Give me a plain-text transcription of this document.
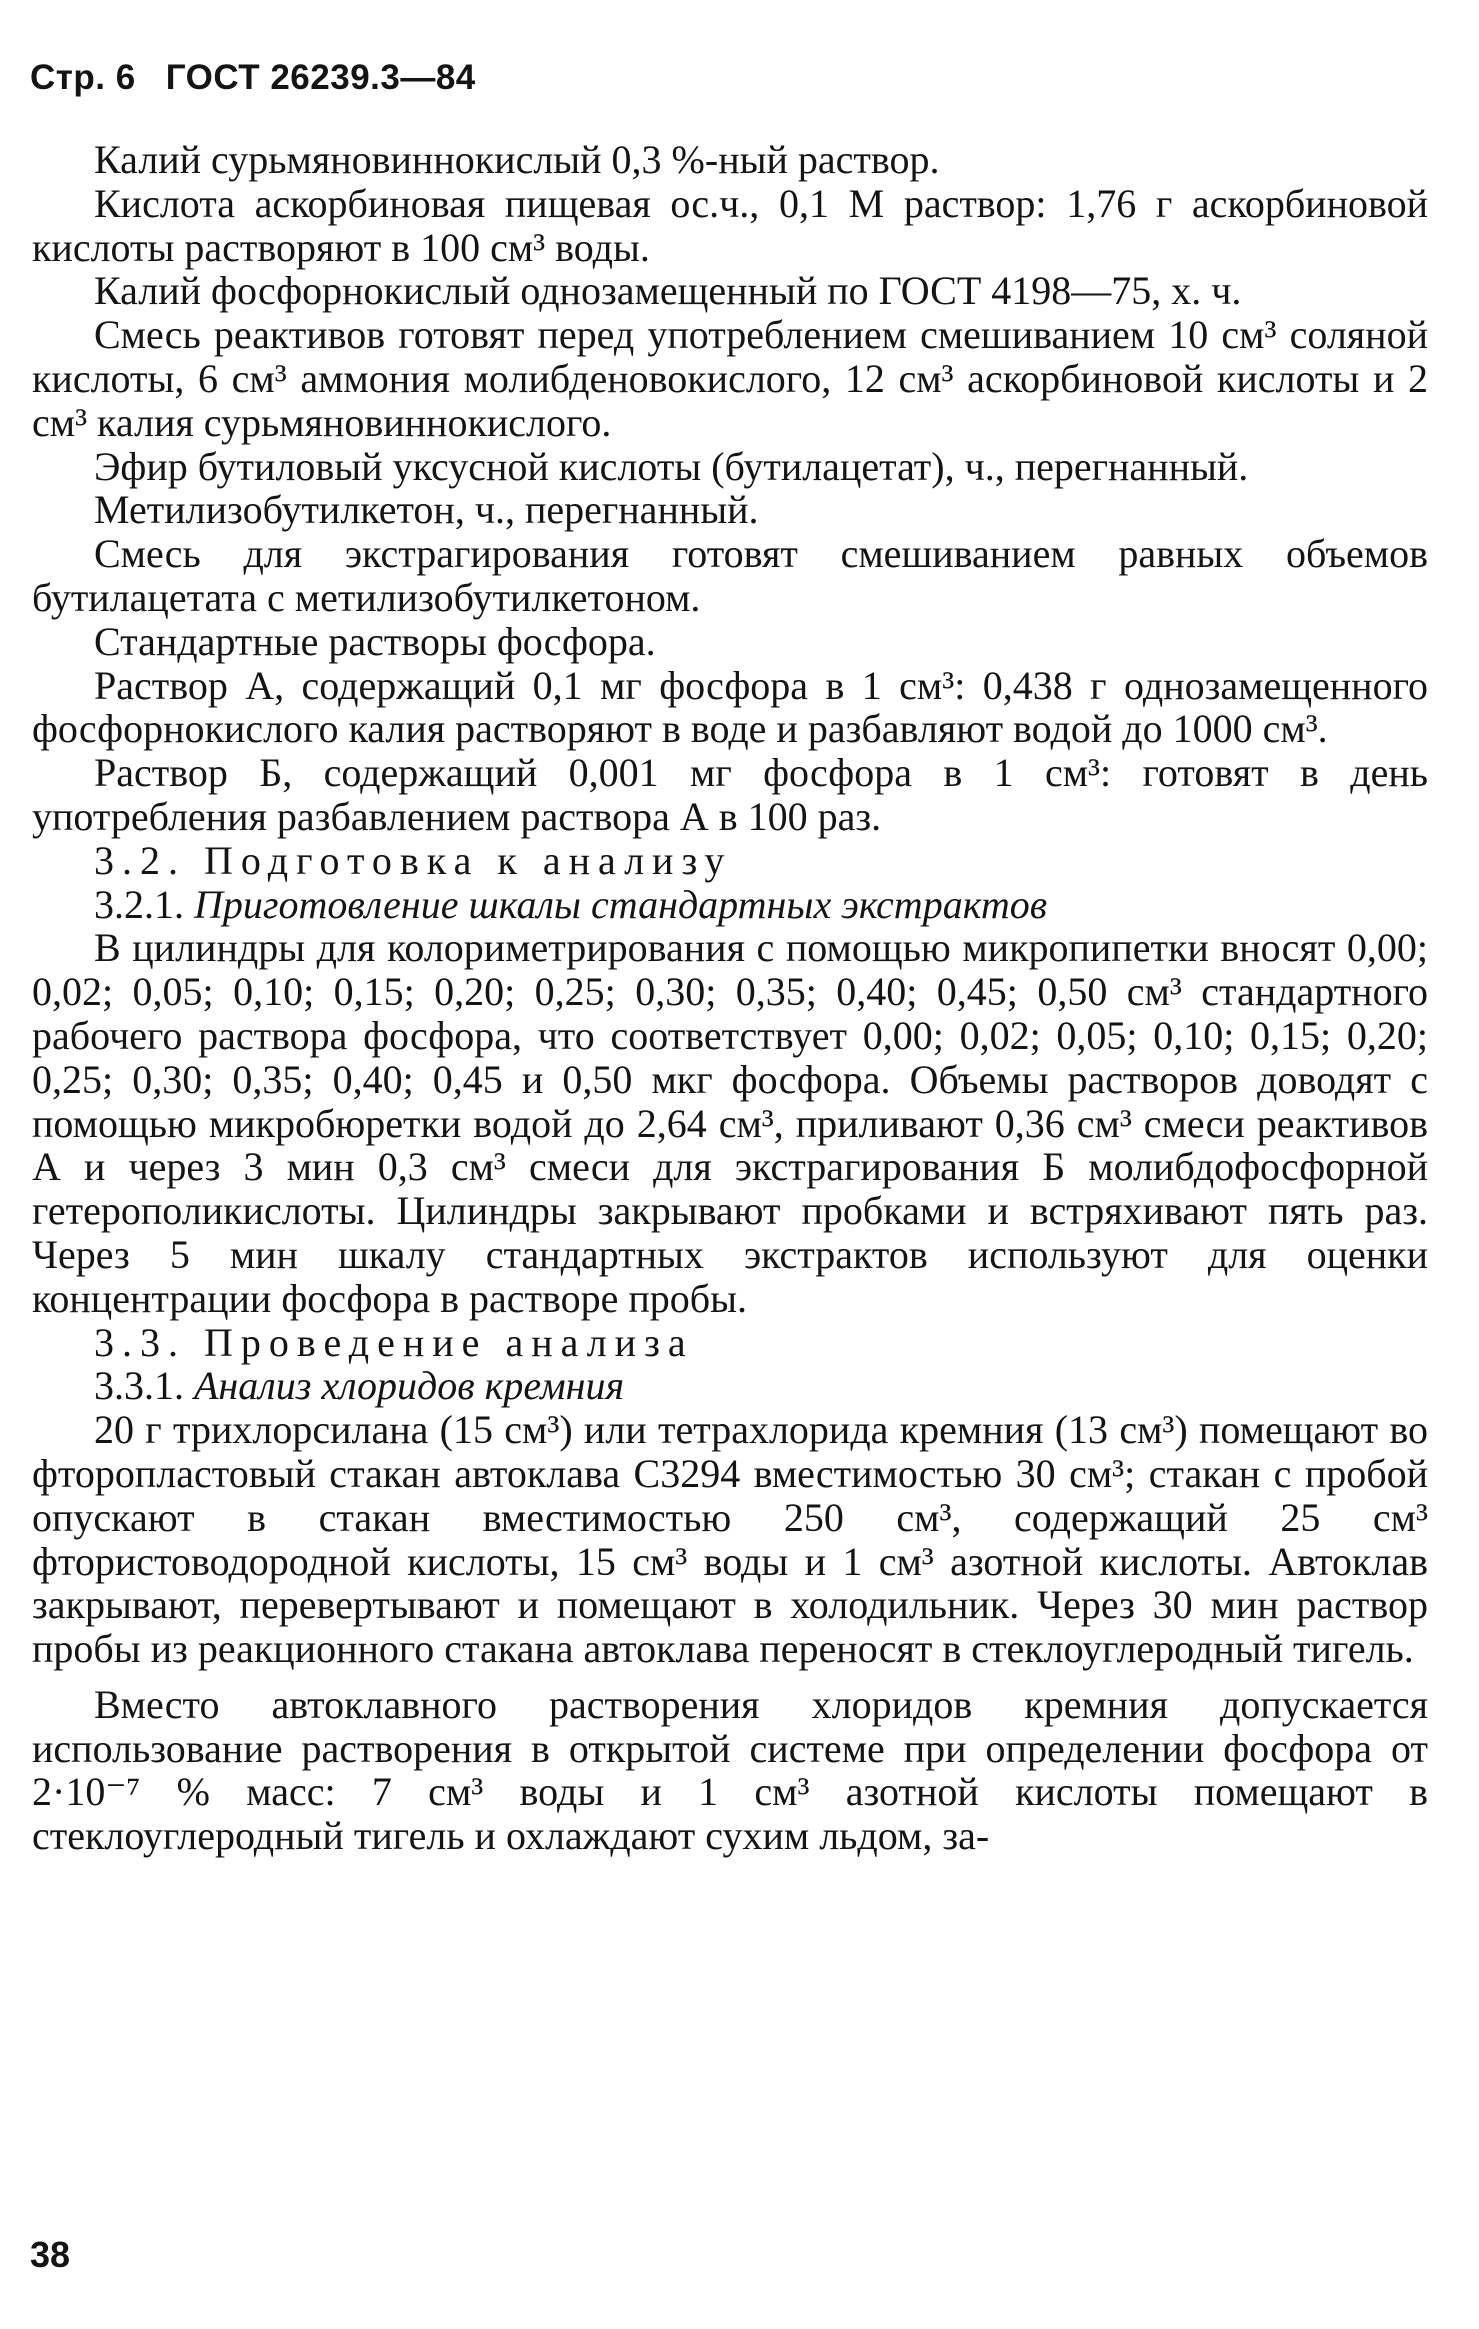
Стр. 6 ГОСТ 26239.3—84

Калий сурьмяновиннокислый 0,3 %-ный раствор.

Кислота аскорбиновая пищевая ос.ч., 0,1 М раствор: 1,76 г аскорбиновой кислоты растворяют в 100 см³ воды.

Калий фосфорнокислый однозамещенный по ГОСТ 4198—75, х. ч.

Смесь реактивов готовят перед употреблением смешиванием 10 см³ соляной кислоты, 6 см³ аммония молибденовокислого, 12 см³ аскорбиновой кислоты и 2 см³ калия сурьмяновиннокислого.

Эфир бутиловый уксусной кислоты (бутилацетат), ч., перегнанный.

Метилизобутилкетон, ч., перегнанный.

Смесь для экстрагирования готовят смешиванием равных объемов бутилацетата с метилизобутилкетоном.

Стандартные растворы фосфора.

Раствор А, содержащий 0,1 мг фосфора в 1 см³: 0,438 г однозамещенного фосфорнокислого калия растворяют в воде и разбавляют водой до 1000 см³.

Раствор Б, содержащий 0,001 мг фосфора в 1 см³: готовят в день употребления разбавлением раствора А в 100 раз.

3.2. Подготовка к анализу

3.2.1. Приготовление шкалы стандартных экстрактов

В цилиндры для колориметрирования с помощью микропипетки вносят 0,00; 0,02; 0,05; 0,10; 0,15; 0,20; 0,25; 0,30; 0,35; 0,40; 0,45; 0,50 см³ стандартного рабочего раствора фосфора, что соответствует 0,00; 0,02; 0,05; 0,10; 0,15; 0,20; 0,25; 0,30; 0,35; 0,40; 0,45 и 0,50 мкг фосфора. Объемы растворов доводят с помощью микробюретки водой до 2,64 см³, приливают 0,36 см³ смеси реактивов А и через 3 мин 0,3 см³ смеси для экстрагирования Б молибдофосфорной гетерополикислоты. Цилиндры закрывают пробками и встряхивают пять раз. Через 5 мин шкалу стандартных экстрактов используют для оценки концентрации фосфора в растворе пробы.

3.3. Проведение анализа

3.3.1. Анализ хлоридов кремния

20 г трихлорсилана (15 см³) или тетрахлорида кремния (13 см³) помещают во фторопластовый стакан автоклава С3294 вместимостью 30 см³; стакан с пробой опускают в стакан вместимостью 250 см³, содержащий 25 см³ фтористоводородной кислоты, 15 см³ воды и 1 см³ азотной кислоты. Автоклав закрывают, перевертывают и помещают в холодильник. Через 30 мин раствор пробы из реакционного стакана автоклава переносят в стеклоуглеродный тигель.

Вместо автоклавного растворения хлоридов кремния допускается использование растворения в открытой системе при определении фосфора от 2·10⁻⁷ % масс: 7 см³ воды и 1 см³ азотной кислоты помещают в стеклоуглеродный тигель и охлаждают сухим льдом, за-

38
